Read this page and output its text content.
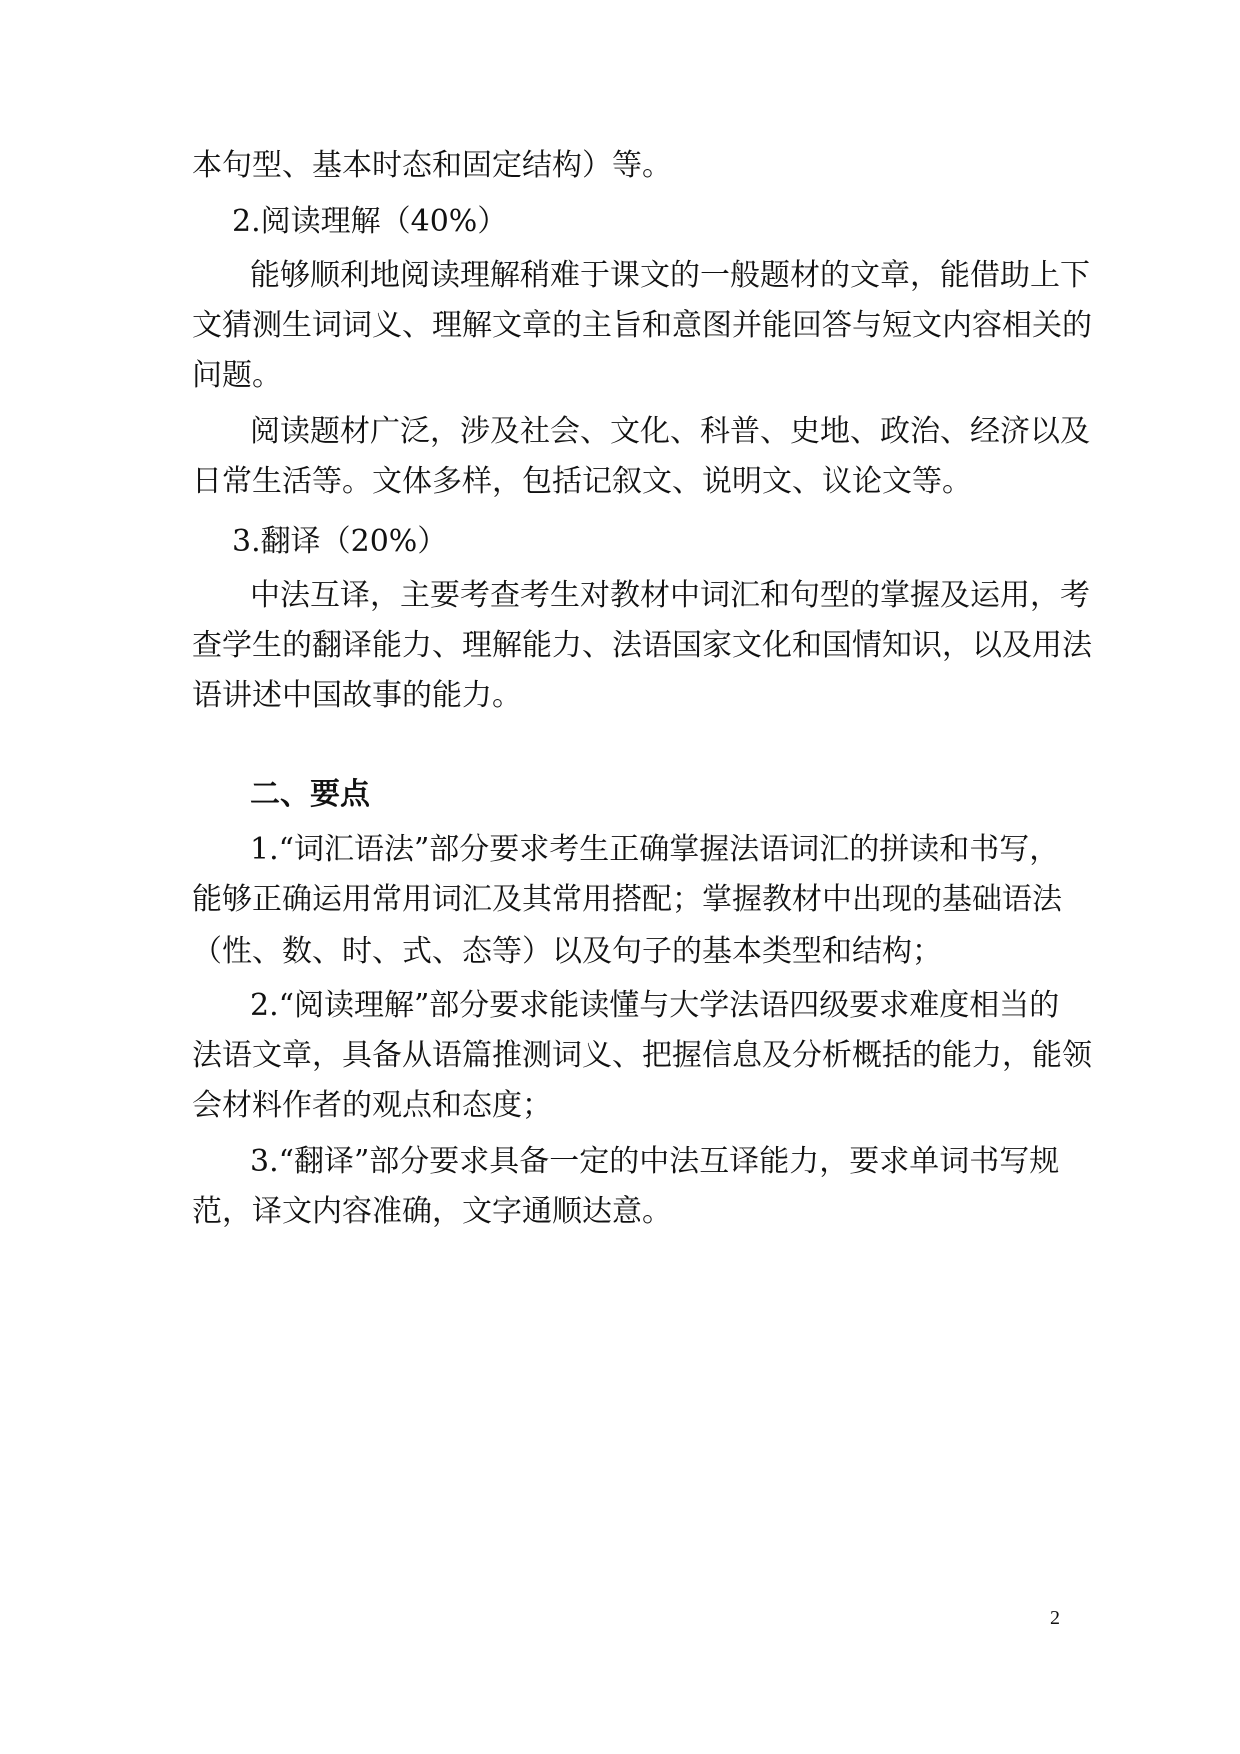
本句型、基本时态和固定结构）等。
2.阅读理解（40%）
能够顺利地阅读理解稍难于课文的一般题材的文章，能借助上下
文猜测生词词义、理解文章的主旨和意图并能回答与短文内容相关的
问题。
阅读题材广泛，涉及社会、文化、科普、史地、政治、经济以及
日常生活等。文体多样，包括记叙文、说明文、议论文等。
3.翻译（20%）
中法互译，主要考查考生对教材中词汇和句型的掌握及运用，考
查学生的翻译能力、理解能力、法语国家文化和国情知识，以及用法
语讲述中国故事的能力。
二、要点
1.“词汇语法”部分要求考生正确掌握法语词汇的拼读和书写，
能够正确运用常用词汇及其常用搭配；掌握教材中出现的基础语法
（性、数、时、式、态等）以及句子的基本类型和结构；
2.“阅读理解”部分要求能读懂与大学法语四级要求难度相当的
法语文章，具备从语篇推测词义、把握信息及分析概括的能力，能领
会材料作者的观点和态度；
3.“翻译”部分要求具备一定的中法互译能力，要求单词书写规
范，译文内容准确，文字通顺达意。
2
